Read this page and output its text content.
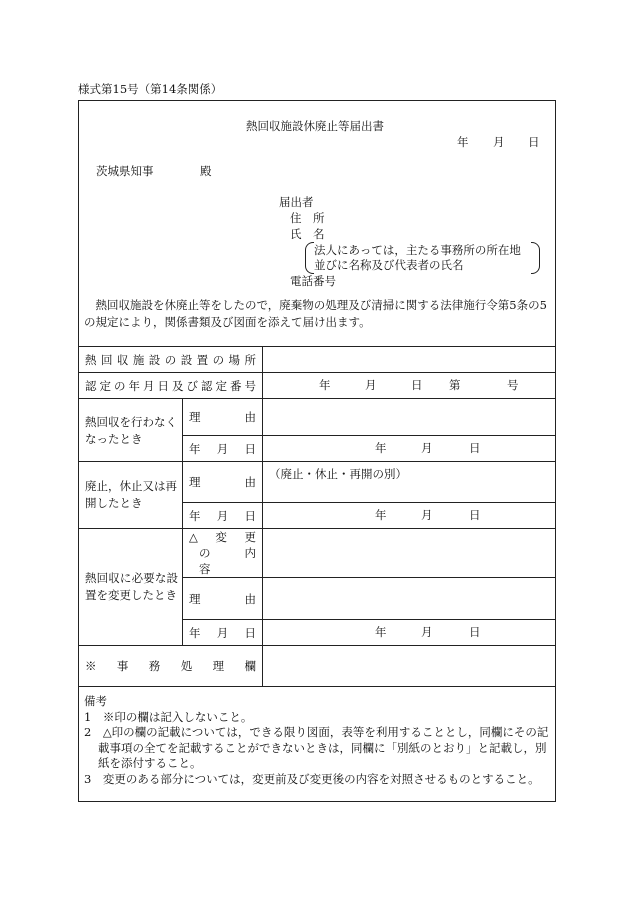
様式第15号（第14条関係）
熱回収施設休廃止等届出書
年 月 日
茨城県知事	殿
届出者
住　所
氏　名
法人にあっては，主たる事務所の所在地
並びに名称及び代表者の氏名
電話番号
熱回収施設を休廃止等をしたので，廃棄物の処理及び清掃に関する法律施行令第5条の5の規定により，関係書類及び図面を添えて届け出ます。
熱回収施設の設置の場所		

認定の年月日及び認定番号		年 月 日 第 号

熱回収を行わなくなったとき	理　　由	

	年 月 日	年 月 日

廃止，休止又は再開したとき	理　　由	（廃止・休止・再開の別）

	年 月 日	年 月 日

熱回収に必要な設置を変更したとき	△　変　更
の　内　容	

	理　　由	

	年 月 日	年 月 日

※　事　務　処　理　欄		

備考
1　※印の欄は記入しないこと。
2　△印の欄の記載については，できる限り図面，表等を利用することとし，同欄にその記載事項の全てを記載することができないときは，同欄に「別紙のとおり」と記載し，別紙を添付すること。
3　変更のある部分については，変更前及び変更後の内容を対照させるものとすること。
